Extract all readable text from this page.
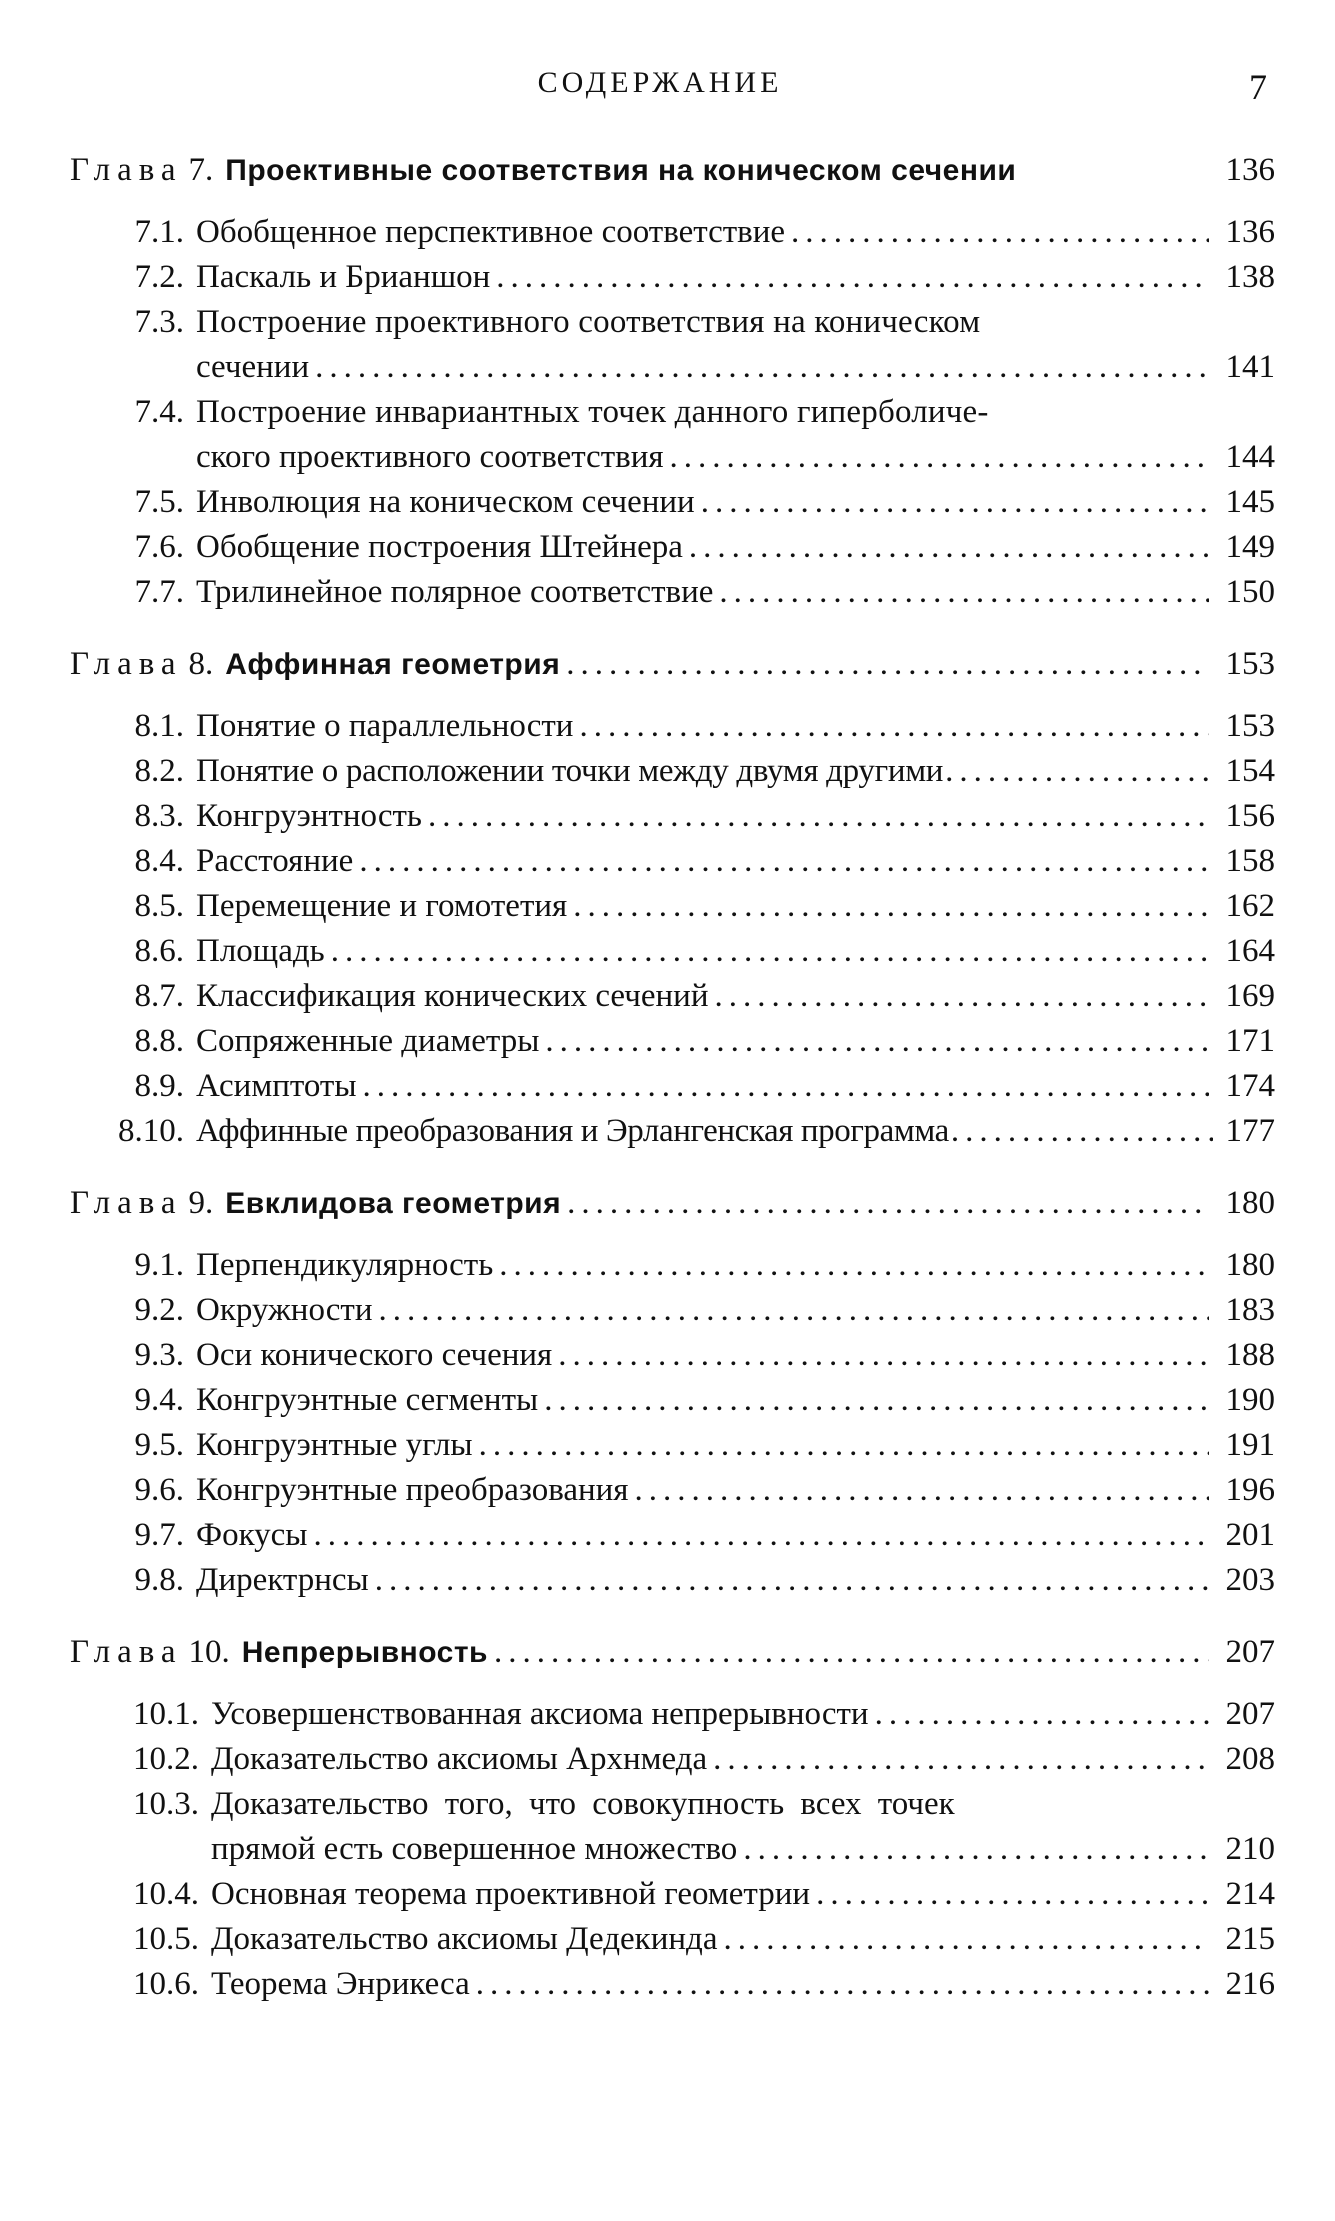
СОДЕРЖАНИЕ	7
Глава 7. Проективные соответствия на коническом сечении	136
7.1. Обобщенное перспективное соответствие .....	136
7.2. Паскаль и Брианшон .....	138
7.3. Построение проективного соответствия на коническом
сечении .....	141
7.4. Построение инвариантных точек данного гиперболиче-
ского проективного соответствия .....	144
7.5. Инволюция на коническом сечении .....	145
7.6. Обобщение построения Штейнера .....	149
7.7. Трилинейное полярное соответствие .....	150
Глава 8. Аффинная геометрия .....	153
8.1. Понятие о параллельности .....	153
8.2. Понятие о расположении точки между двумя другими .....	154
8.3. Конгруэнтность .....	156
8.4. Расстояние .....	158
8.5. Перемещение и гомотетия .....	162
8.6. Площадь .....	164
8.7. Классификация конических сечений .....	169
8.8. Сопряженные диаметры .....	171
8.9. Асимптоты .....	174
8.10. Аффинные преобразования и Эрлангенская программа .....	177
Глава 9. Евклидова геометрия .....	180
9.1. Перпендикулярность .....	180
9.2. Окружности .....	183
9.3. Оси конического сечения .....	188
9.4. Конгруэнтные сегменты .....	190
9.5. Конгруэнтные углы .....	191
9.6. Конгруэнтные преобразования .....	196
9.7. Фокусы .....	201
9.8. Директрнсы .....	203
Глава 10. Непрерывность .....	207
10.1. Усовершенствованная аксиома непрерывности .....	207
10.2. Доказательство аксиомы Архнмеда .....	208
10.3. Доказательство того, что совокупность всех точек
прямой есть совершенное множество .....	210
10.4. Основная теорема проективной геометрии .....	214
10.5. Доказательство аксиомы Дедекинда .....	215
10.6. Теорема Энрикеса .....	216
